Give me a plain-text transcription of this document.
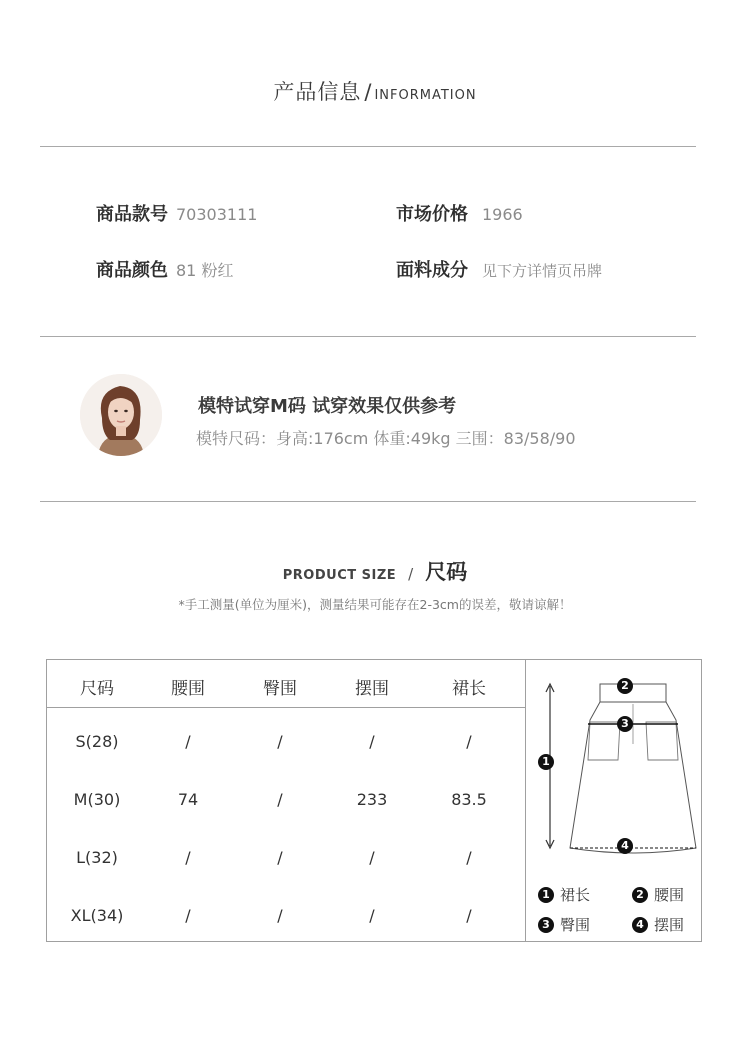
产品信息 / INFORMATION
商品款号 70303111	市场价格 1966
商品颜色 81 粉红	面料成分 见下方详情页吊牌
模特试穿M码 试穿效果仅供参考
模特尺码：身高:176cm 体重:49kg 三围：83/58/90
PRODUCT SIZE / 尺码
*手工测量(单位为厘米)，测量结果可能存在2-3cm的误差，敬请谅解！
尺码	腰围	臀围	摆围	裙长
S(28)	/	/	/	/
M(30)	74	/	233	83.5
L(32)	/	/	/	/
XL(34)	/	/	/	/
1
2
3
4
1 裙长	2 腰围
3 臀围	4 摆围
